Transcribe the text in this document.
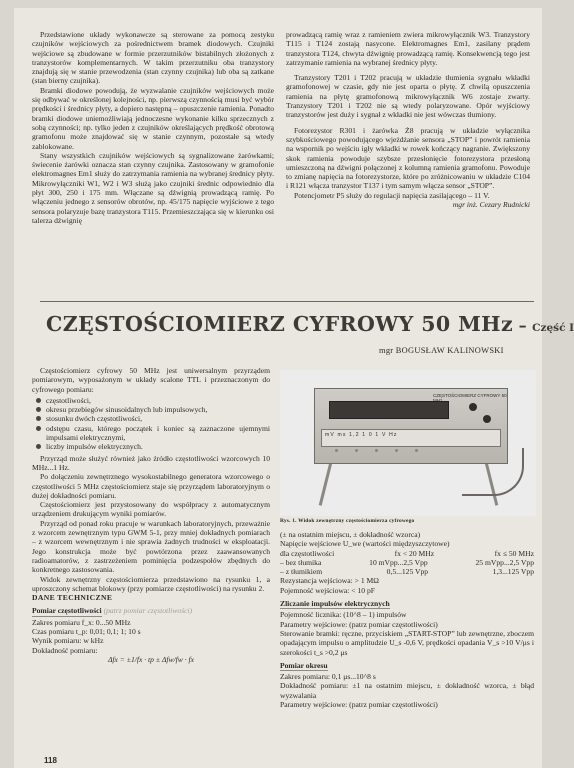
Przedstawione układy wykonawcze są sterowane za pomocą zestyku czujników wejściowych za pośrednictwem bramek diodowych. Czujniki wejściowe są zbudowane w formie przerzutników bistabilnych złożonych z tranzystorów komplementarnych. W takim przerzutniku oba tranzystory znajdują się w stanie przewodzenia (stan czynny czujnika) lub oba są zatkane (stan bierny czujnika).

Bramki diodowe powodują, że wyzwalanie czujników wejściowych może się odbywać w określonej kolejności, np. pierwszą czynnością musi być wybór prędkości i średnicy płyty, a dopiero następną – opuszczenie ramienia. Ponadto bramki diodowe uniemożliwiają jednoczesne wykonanie kilku sprzecznych z sobą czynności; np. tylko jeden z czujników określających prędkość obrotową gramofonu może znajdować się w stanie czynnym, pozostałe są wtedy zablokowane.

Stany wszystkich czujników wejściowych są sygnalizowane żarówkami; świecenie żarówki oznacza stan czynny czujnika. Zastosowany w gramofonie elektromagnes Em1 służy do zatrzymania ramienia na wybranej średnicy płyty. Mikrowyłączniki W1, W2 i W3 służą jako czujniki średnic odpowiednio dla płyt 300, 250 i 175 mm. Włączane są dźwignią prowadzącą ramię. Po włączeniu jednego z sensorów obrotów, np. 45/175 napięcie wyjściowe z tego sensora polaryzuje bazę tranzystora T115. Przemieszczająca się w kierunku osi talerza dźwignię

prowadzącą ramię wraz z ramieniem zwiera mikrowyłącznik W3. Tranzystory T115 i T124 zostają nasycone. Elektromagnes Em1, zasilany prądem tranzystora T124, chwyta dźwignię prowadzącą ramię. Konsekwencją tego jest zatrzymanie ramienia na wybranej średnicy płyty.

Tranzystory T201 i T202 pracują w układzie tłumienia sygnału wkładki gramofonowej w czasie, gdy nie jest oparta o płytę. Z chwilą opuszczenia ramienia na płytę gramofonową mikrowyłącznik W6 zostaje zwarty. Tranzystory T201 i T202 nie są wtedy polaryzowane. Opór wyjściowy tranzystorów jest duży i sygnał z wkładki nie jest wówczas tłumiony.

Fotorezystor R301 i żarówka Ż8 pracują w układzie wyłącznika szybkościowego powodującego wjeżdżanie sensora „STOP” i powrót ramienia na wspornik po wejściu igły wkładki w rowek kończący nagranie. Zwiększony skok ramienia powoduje szybsze przesłonięcie fotorezystora przesłoną umieszczoną na dźwigni połączonej z kolumną ramienia gramofonu. Powoduje to zmianę napięcia na fotorezystorze, które po zróżnicowaniu w układzie C104 i R121 włącza tranzystor T137 i tym samym włącza sensor „STOP”.

Potencjometr P5 służy do regulacji napięcia zasilającego – 11 V.

mgr inż. Cezary Rudnicki

CZĘSTOŚCIOMIERZ CYFROWY 50 MHz – Część I
mgr BOGUSŁAW KALINOWSKI

Częstościomierz cyfrowy 50 MHz jest uniwersalnym przyrządem pomiarowym, wyposażonym w układy scalone TTL i przeznaczonym do cyfrowego pomiaru:

częstotliwości,
okresu przebiegów sinusoidalnych lub impulsowych,
stosunku dwóch częstotliwości,
odstępu czasu, którego początek i koniec są zaznaczone ujemnymi impulsami elektrycznymi,
liczby impulsów elektrycznych.

Przyrząd może służyć również jako źródło częstotliwości wzorcowych 10 MHz...1 Hz.

Po dołączeniu zewnętrznego wysokostabilnego generatora wzorcowego o częstotliwości 5 MHz częstościomierz staje się przyrządem laboratoryjnym o dużej dokładności pomiaru.

Częstościomierz jest przystosowany do współpracy z automatycznym urządzeniem drukującym wyniki pomiarów.

Przyrząd od ponad roku pracuje w warunkach laboratoryjnych, przeważnie z wzorcem zewnętrznym typu GWM 5-1, przy mniej dokładnych pomiarach – z wzorcem wewnętrznym i nie sprawia żadnych trudności w eksploatacji. Jego konstrukcja może być powtórzona przez zaawansowanych radioamatorów, z zastrzeżeniem pominięcia podzespołów zbędnych do konkretnego zastosowania.

Widok zewnętrzny częstościomierza przedstawiono na rysunku 1, a uproszczony schemat blokowy (przy pomiarze częstotliwości) na rysunku 2.

DANE TECHNICZNE

Pomiar częstotliwości (patrz pomiar częstotliwości)

Zakres pomiaru f_x: 0...50 MHz

Czas pomiaru t_p: 0,01; 0,1; 1; 10 s

Wynik pomiaru: w kHz

Dokładność pomiaru:

Δfx = ±1/fx · tp ± Δfw/fw · fx

CZĘSTOŚCIOMIERZ CYFROWY 50
mV ms 1,2 1 0 1 V Hz
Rys. 1. Widok zewnętrzny częstościomierza cyfrowego

(± na ostatnim miejscu, ± dokładność wzorca)

Napięcie wejściowe U_we (wartości międzyszczytowe)

dla częstotliwości	fx < 20 MHz	fx ≤ 50 MHz
– bez tłumika	10 mVpp...2,5 Vpp	25 mVpp...2,5 Vpp
– z tłumikiem	0,5...125 Vpp	1,3...125 Vpp

Rezystancja wejściowa: > 1 MΩ

Pojemność wejściowa: < 10 pF

Zliczanie impulsów elektrycznych

Pojemność licznika: (10^8 – 1) impulsów

Parametry wejściowe: (patrz pomiar częstotliwości)

Sterowanie bramki: ręczne, przyciskiem „START-STOP” lub zewnętrzne, zboczem opadającym impulsu o amplitudzie U_s -0,6 V, prędkości opadania V_s >10 V/μs i szerokości t_s >0,2 μs

Pomiar okresu

Zakres pomiaru: 0,1 μs...10^8 s

Dokładność pomiaru: ±1 na ostatnim miejscu, ± dokładność wzorca, ± błąd wyzwalania

Parametry wejściowe: (patrz pomiar częstotliwości)

118
